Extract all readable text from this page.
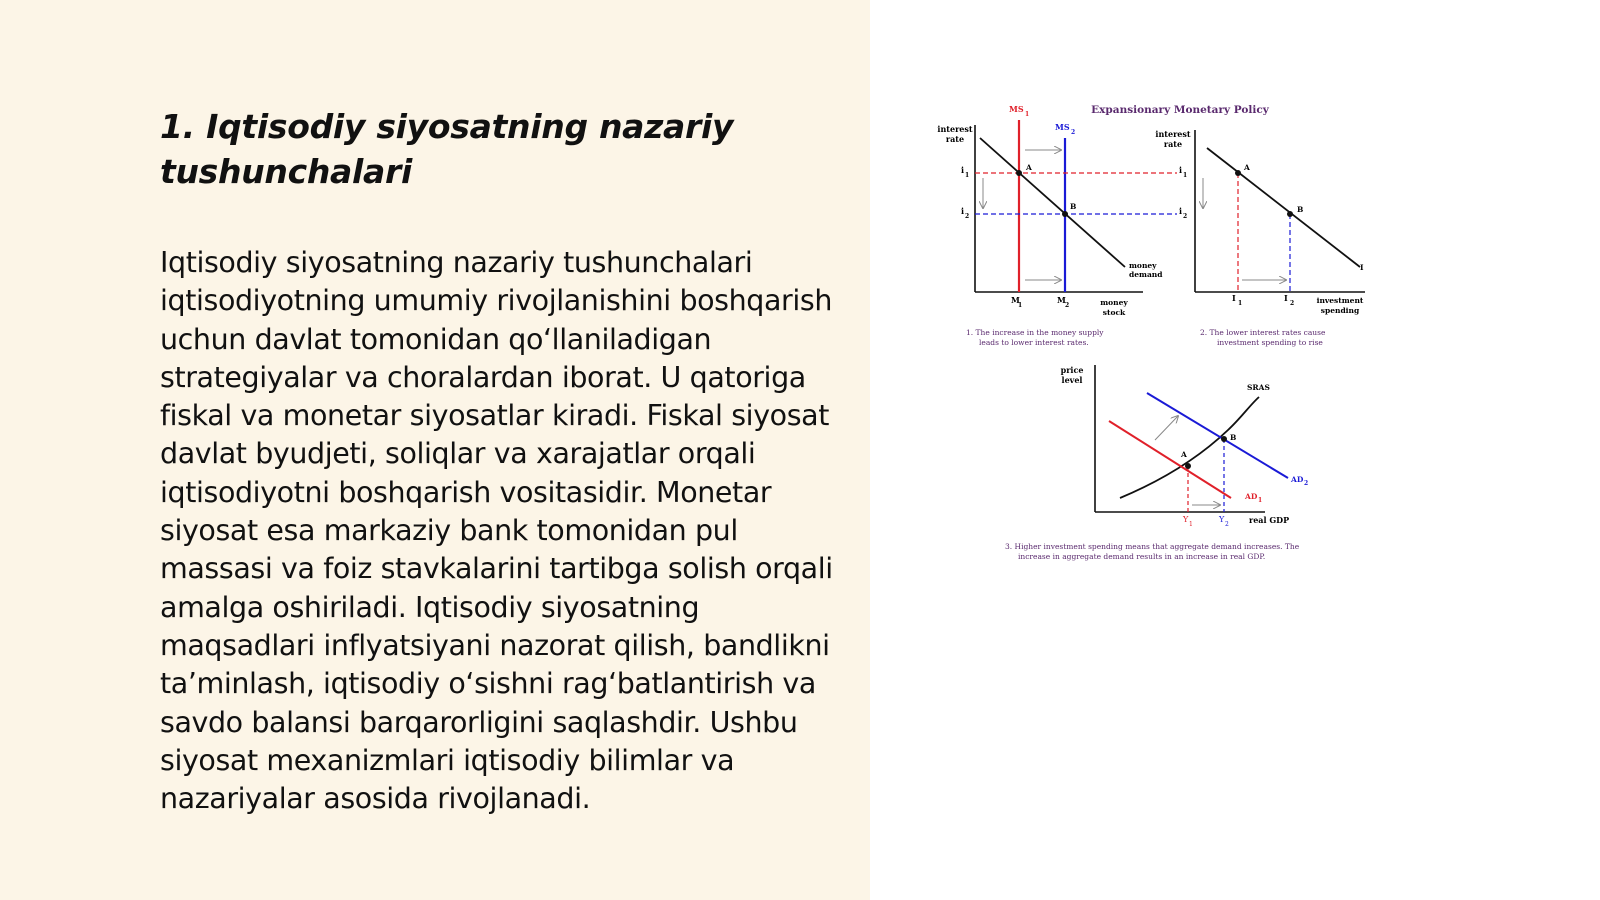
1. Iqtisodiy siyosatning nazariy tushunchalari

Iqtisodiy siyosatning nazariy tushunchalari iqtisodiyotning umumiy rivojlanishini boshqarish uchun davlat tomonidan qo‘llaniladigan strategiyalar va choralardan iborat. U qatoriga fiskal va monetar siyosatlar kiradi. Fiskal siyosat davlat byudjeti, soliqlar va xarajatlar orqali iqtisodiyotni boshqarish vositasidir. Monetar siyosat esa markaziy bank tomonidan pul massasi va foiz stavkalarini tartibga solish orqali amalga oshiriladi. Iqtisodiy siyosatning maqsadlari inflyatsiyani nazorat qilish, bandlikni ta’minlash, iqtisodiy o‘sishni rag‘batlantirish va savdo balansi barqarorligini saqlashdir. Ushbu siyosat mexanizmlari iqtisodiy bilimlar va nazariyalar asosida rivojlanadi.

Expansionary Monetary Policy
interest
rate
MS
1
MS
2
money
demand
i
1
i
2
A
B
M
1
M
2	money
stock
1. The increase in the money supply
leads to lower interest rates.
interest
rate
i
1
i
2
I
A
B
I
1
I
2	investment
spending
2. The lower interest rates cause
investment spending to rise
price
level
SRAS
AD 1
AD 2
A
B
Y
1
Y
2	real GDP
3. Higher investment spending means that aggregate demand increases. The
increase in aggregate demand results in an increase in real GDP.
